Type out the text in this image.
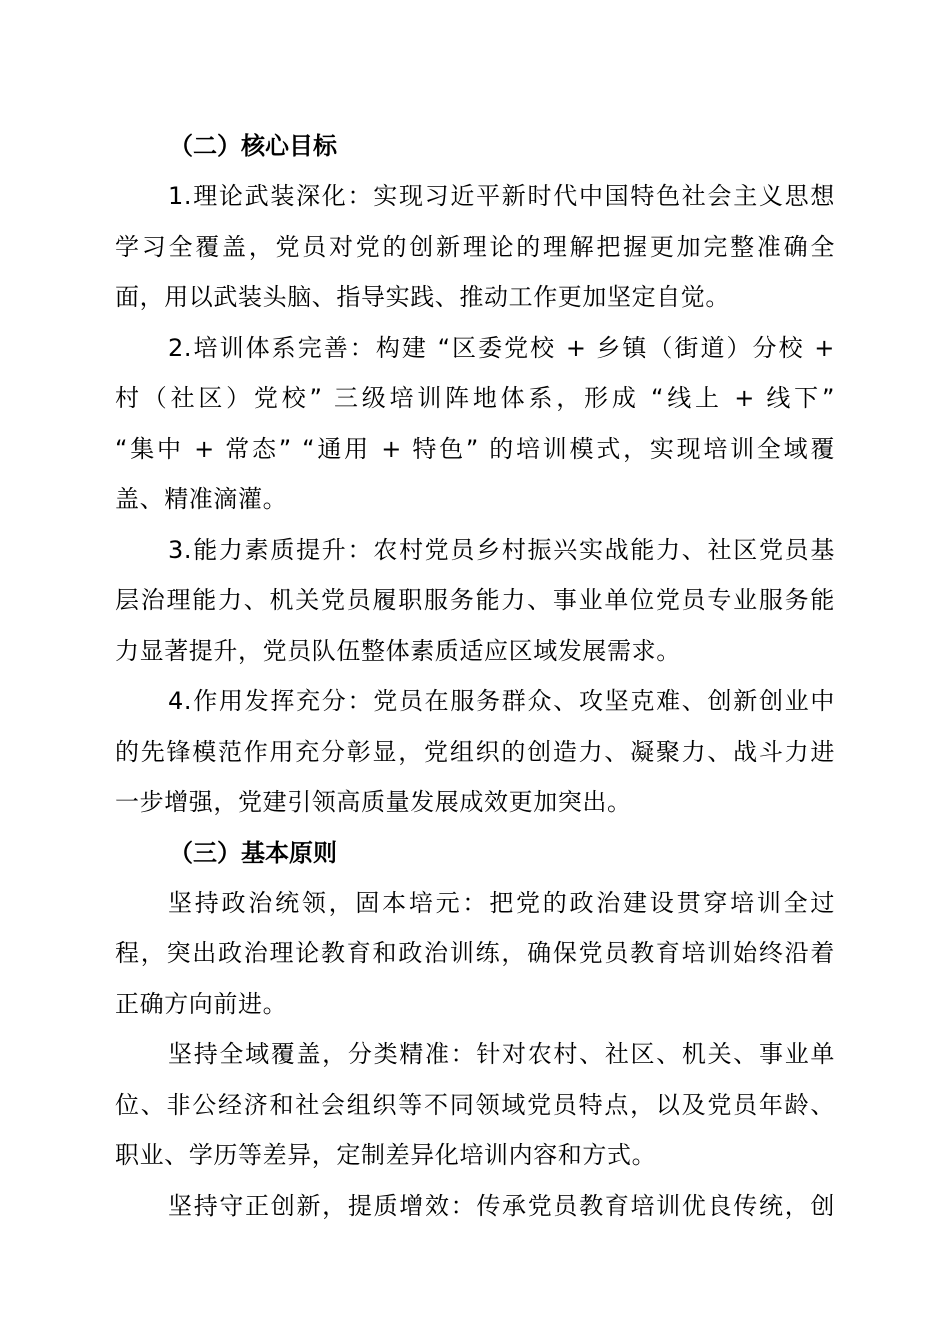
（二）核心目标

1.理论武装深化：实现习近平新时代中国特色社会主义思想
学习全覆盖，党员对党的创新理论的理解把握更加完整准确全
面，用以武装头脑、指导实践、推动工作更加坚定自觉。

2.培训体系完善：构建 “区委党校 + 乡镇（街道）分校 +
村（社区）党校” 三级培训阵地体系，形成 “线上 + 线下”
“集中 + 常态” “通用 + 特色” 的培训模式，实现培训全域覆
盖、精准滴灌。

3.能力素质提升：农村党员乡村振兴实战能力、社区党员基
层治理能力、机关党员履职服务能力、事业单位党员专业服务能
力显著提升，党员队伍整体素质适应区域发展需求。

4.作用发挥充分：党员在服务群众、攻坚克难、创新创业中
的先锋模范作用充分彰显，党组织的创造力、凝聚力、战斗力进
一步增强，党建引领高质量发展成效更加突出。

（三）基本原则

坚持政治统领，固本培元：把党的政治建设贯穿培训全过
程，突出政治理论教育和政治训练，确保党员教育培训始终沿着
正确方向前进。

坚持全域覆盖，分类精准：针对农村、社区、机关、事业单
位、非公经济和社会组织等不同领域党员特点，以及党员年龄、
职业、学历等差异，定制差异化培训内容和方式。

坚持守正创新，提质增效：传承党员教育培训优良传统，创
